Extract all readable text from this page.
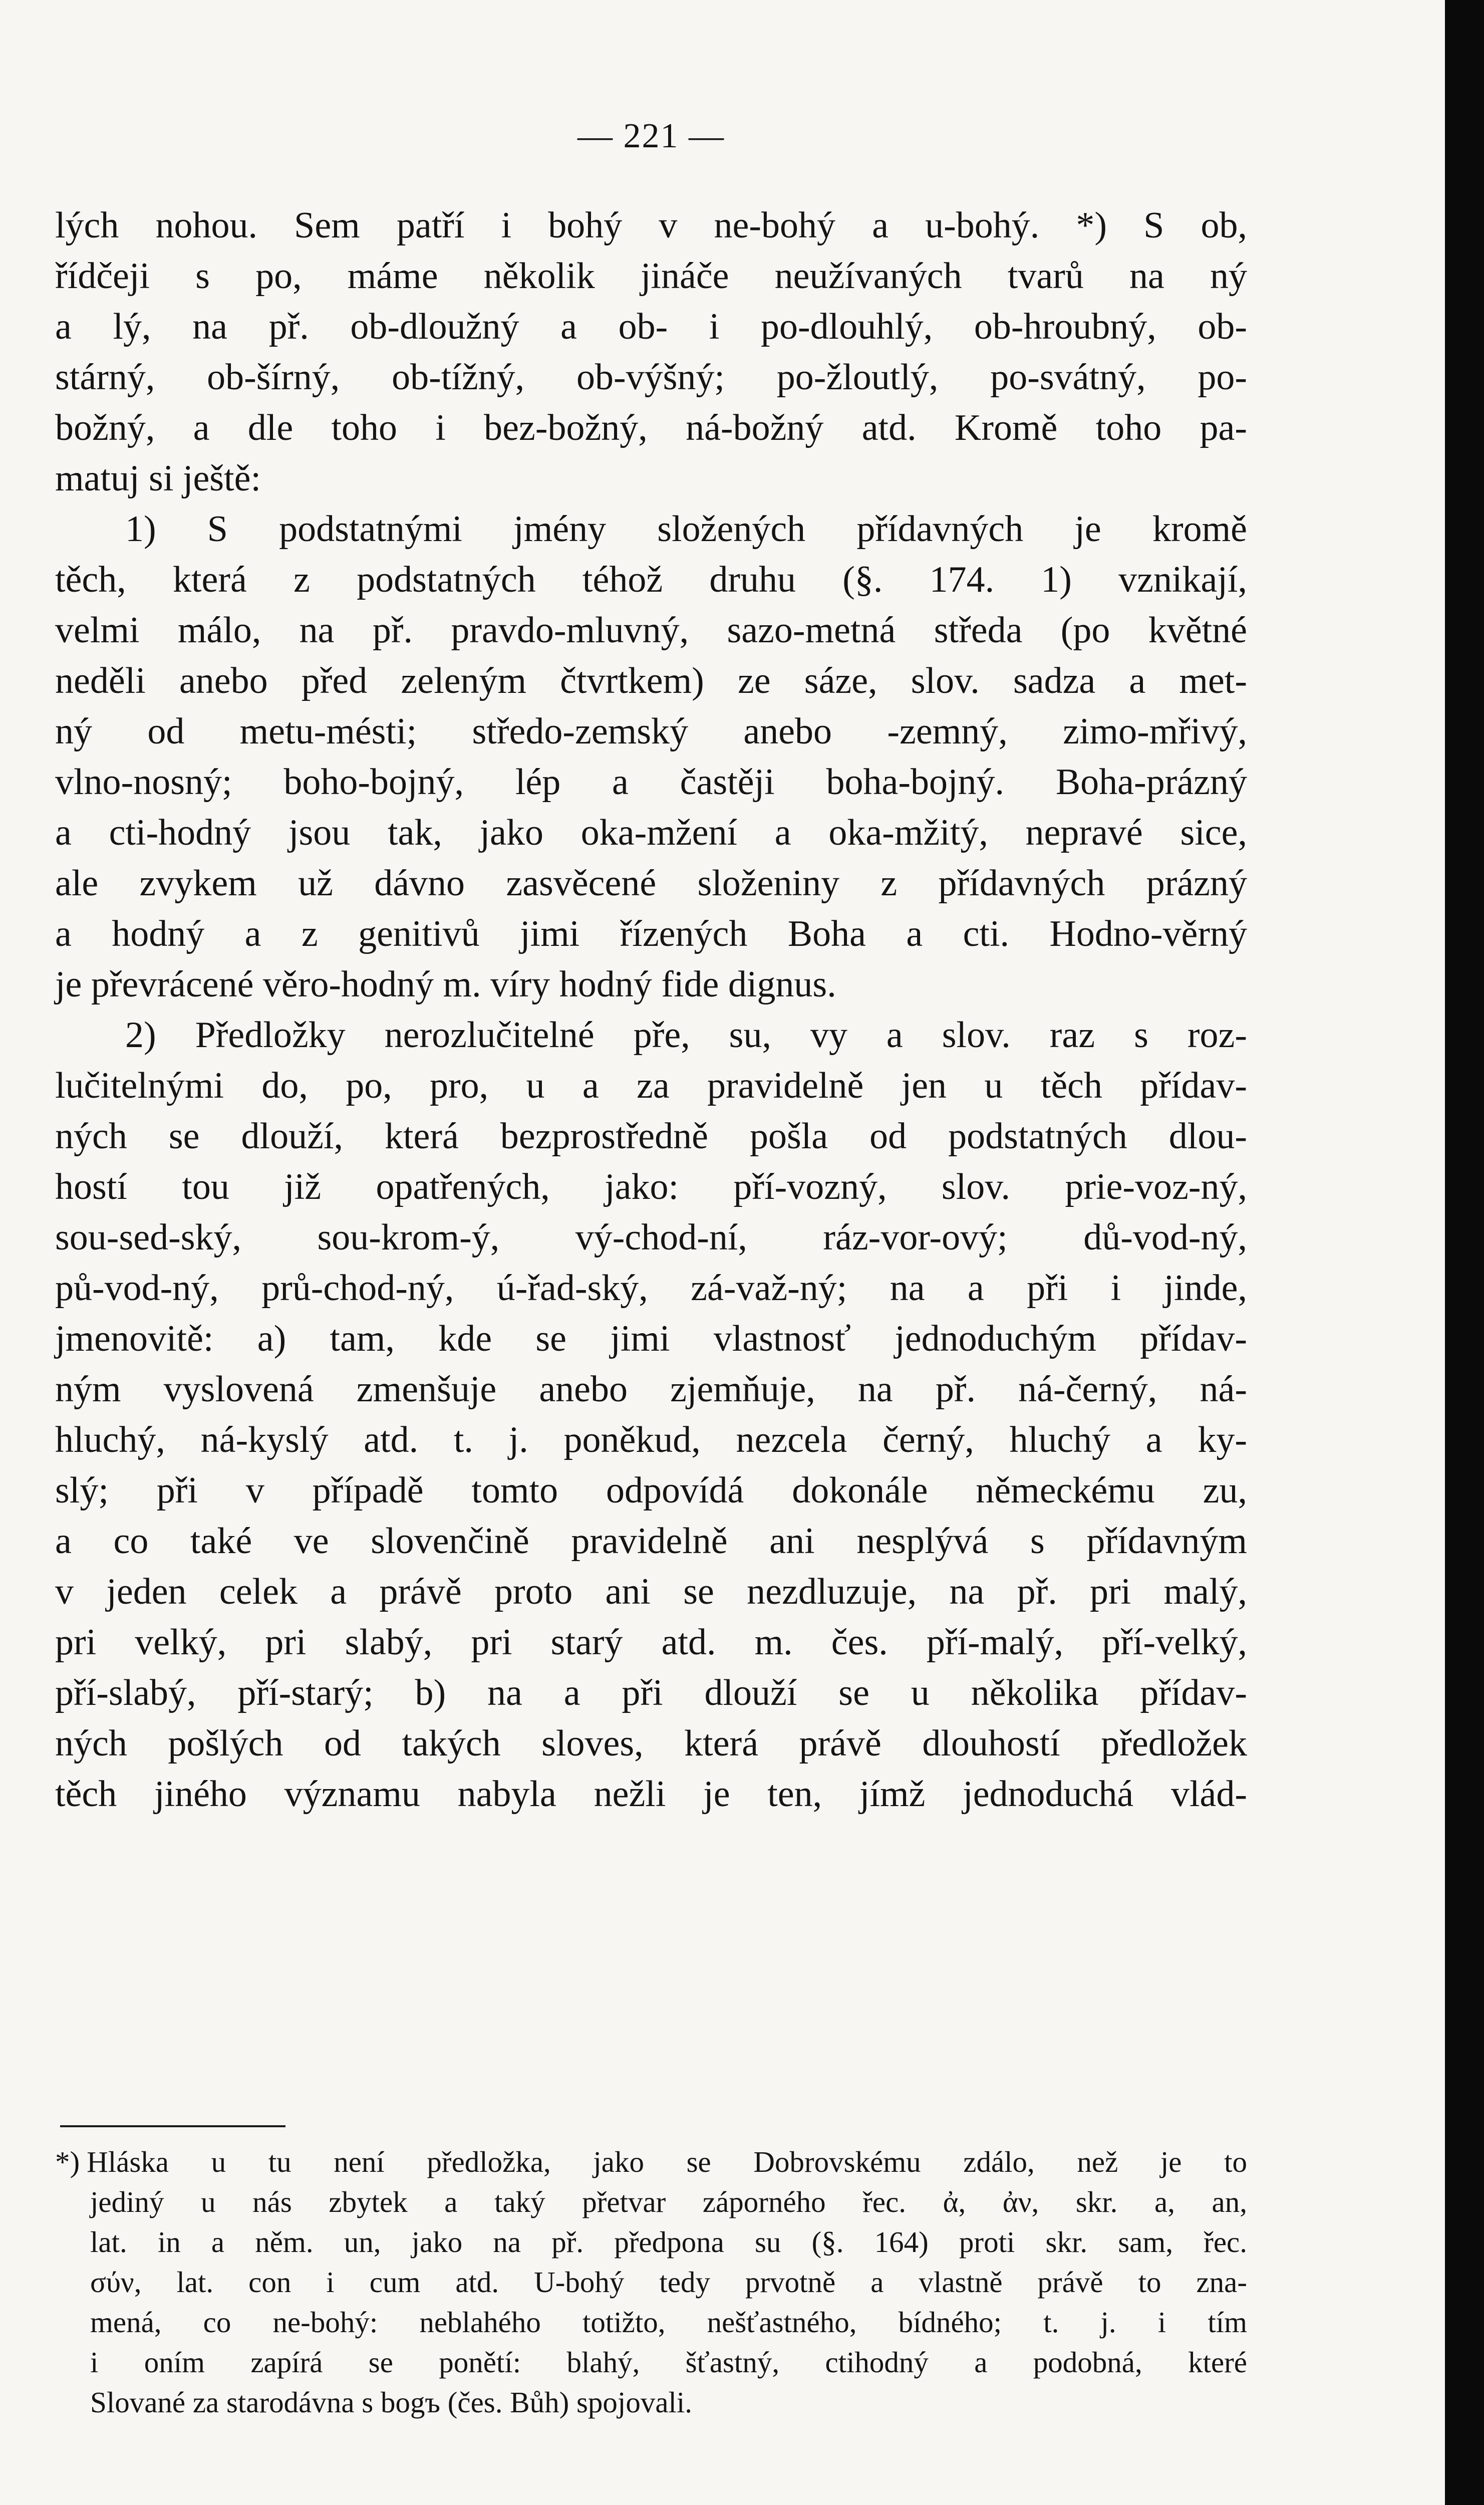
— 221 —
lých nohou. Sem patří i bohý v ne-bohý a u-bohý. *) S ob,
řídčeji s po, máme několik jináče neužívaných tvarů na ný
a lý, na př. ob-dloužný a ob- i po-dlouhlý, ob-hroubný, ob-
stárný, ob-šírný, ob-tížný, ob-výšný; po-žloutlý, po-svátný, po-
božný, a dle toho i bez-božný, ná-božný atd. Kromě toho pa-
matuj si ještě:
1) S podstatnými jmény složených přídavných je kromě
těch, která z podstatných téhož druhu (§. 174. 1) vznikají,
velmi málo, na př. pravdo-mluvný, sazo-metná středa (po květné
neděli anebo před zeleným čtvrtkem) ze sáze, slov. sadza a met-
ný od metu-mésti; středo-zemský anebo -zemný, zimo-mřivý,
vlno-nosný; boho-bojný, lép a častěji boha-bojný. Boha-prázný
a cti-hodný jsou tak, jako oka-mžení a oka-mžitý, nepravé sice,
ale zvykem už dávno zasvěcené složeniny z přídavných prázný
a hodný a z genitivů jimi řízených Boha a cti. Hodno-věrný
je převrácené věro-hodný m. víry hodný fide dignus.
2) Předložky nerozlučitelné pře, su, vy a slov. raz s roz-
lučitelnými do, po, pro, u a za pravidelně jen u těch přídav-
ných se dlouží, která bezprostředně pošla od podstatných dlou-
hostí tou již opatřených, jako: pří-vozný, slov. prie-voz-ný,
sou-sed-ský, sou-krom-ý, vý-chod-ní, ráz-vor-ový; dů-vod-ný,
pů-vod-ný, prů-chod-ný, ú-řad-ský, zá-važ-ný; na a při i jinde,
jmenovitě: a) tam, kde se jimi vlastnosť jednoduchým přídav-
ným vyslovená zmenšuje anebo zjemňuje, na př. ná-černý, ná-
hluchý, ná-kyslý atd. t. j. poněkud, nezcela černý, hluchý a ky-
slý; při v případě tomto odpovídá dokonále německému zu,
a co také ve slovenčině pravidelně ani nesplývá s přídavným
v jeden celek a právě proto ani se nezdluzuje, na př. pri malý,
pri velký, pri slabý, pri starý atd. m. čes. pří-malý, pří-velký,
pří-slabý, pří-starý; b) na a při dlouží se u několika přídav-
ných pošlých od takých sloves, která právě dlouhostí předložek
těch jiného významu nabyla nežli je ten, jímž jednoduchá vlád-
*) Hláska u tu není předložka, jako se Dobrovskému zdálo, než je to
jediný u nás zbytek a taký přetvar záporného řec. ἀ, ἀν, skr. a, an,
lat. in a něm. un, jako na př. předpona su (§. 164) proti skr. sam, řec.
σύν, lat. con i cum atd. U-bohý tedy prvotně a vlastně právě to zna-
mená, co ne-bohý: neblahého totižto, nešťastného, bídného; t. j. i tím
i oním zapírá se ponětí: blahý, šťastný, ctihodný a podobná, které
Slované za starodávna s bogъ (čes. Bůh) spojovali.
